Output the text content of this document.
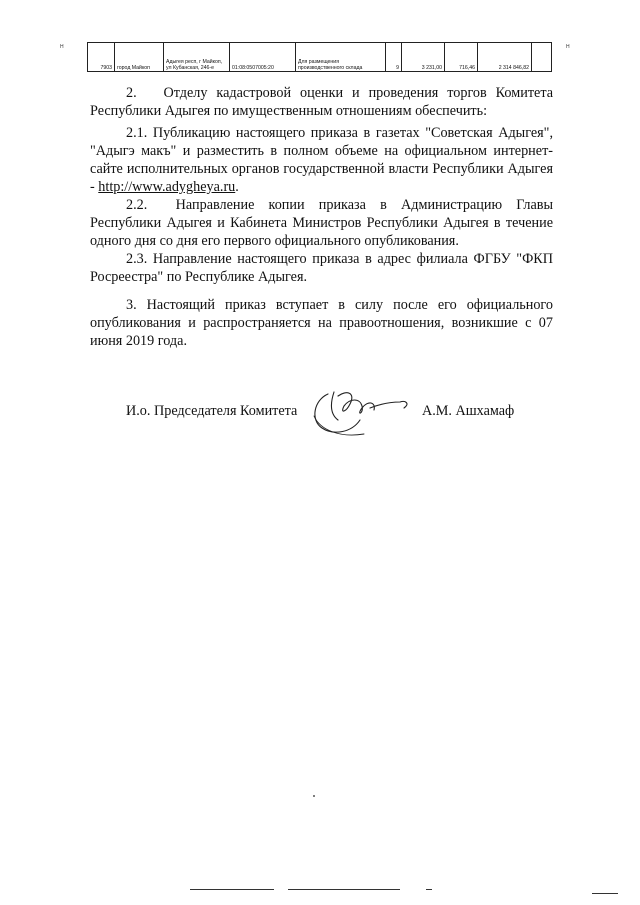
H	H
7903	город Майкоп	Адыгея респ, г Майкоп, ул Кубанская, 246-е	01:08:0507005:20	Для размещения производственного склада	9	3 231,00	716,46	2 314 846,82	

2.   Отделу кадастровой оценки и проведения торгов Комитета Республики Адыгея по имущественным отношениям обеспечить:

2.1. Публикацию настоящего приказа в газетах "Советская Адыгея", "Адыгэ макъ" и разместить в полном объеме на официальном интернет-сайте исполнительных органов государственной власти Республики Адыгея - http://www.adygheya.ru.

2.2.  Направление копии приказа в Администрацию Главы Республики Адыгея и Кабинета Министров Республики Адыгея в течение одного дня со дня его первого официального опубликования.

2.3. Направление настоящего приказа в адрес филиала ФГБУ "ФКП Росреестра" по Республике Адыгея.

3. Настоящий приказ вступает в силу после его официального опубликования и распространяется на правоотношения, возникшие с 07 июня 2019 года.

И.о. Председателя Комитета	А.М. Ашхамаф
